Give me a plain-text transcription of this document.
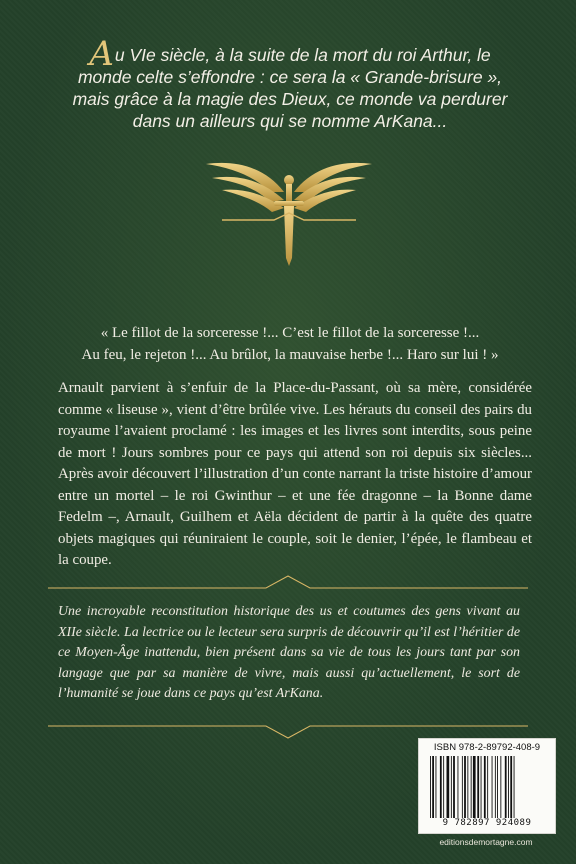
Au VIe siècle, à la suite de la mort du roi Arthur, le monde celte s’effondre : ce sera la « Grande-brisure », mais grâce à la magie des Dieux, ce monde va perdurer dans un ailleurs qui se nomme ArKana...
« Le fillot de la sorceresse !... C’est le fillot de la sorceresse !...
Au feu, le rejeton !... Au brûlot, la mauvaise herbe !... Haro sur lui ! »

Arnault parvient à s’enfuir de la Place-du-Passant, où sa mère, considérée comme « liseuse », vient d’être brûlée vive. Les hérauts du conseil des pairs du royaume l’avaient proclamé : les images et les livres sont interdits, sous peine de mort ! Jours sombres pour ce pays qui attend son roi depuis six siècles... Après avoir découvert l’illustration d’un conte narrant la triste histoire d’amour entre un mortel – le roi Gwinthur – et une fée dragonne – la Bonne dame Fedelm –, Arnault, Guilhem et Aëla décident de partir à la quête des quatre objets magiques qui réuniraient le couple, soit le denier, l’épée, le flambeau et la coupe.

Une incroyable reconstitution historique des us et coutumes des gens vivant au XIIe siècle. La lectrice ou le lecteur sera surpris de découvrir qu’il est l’héritier de ce Moyen-Âge inattendu, bien présent dans sa vie de tous les jours tant par son langage que par sa manière de vivre, mais aussi qu’actuellement, le sort de l’humanité se joue dans ce pays qu’est ArKana.
ISBN 978-2-89792-408-9
9 782897 924089
editionsdemortagne.com
